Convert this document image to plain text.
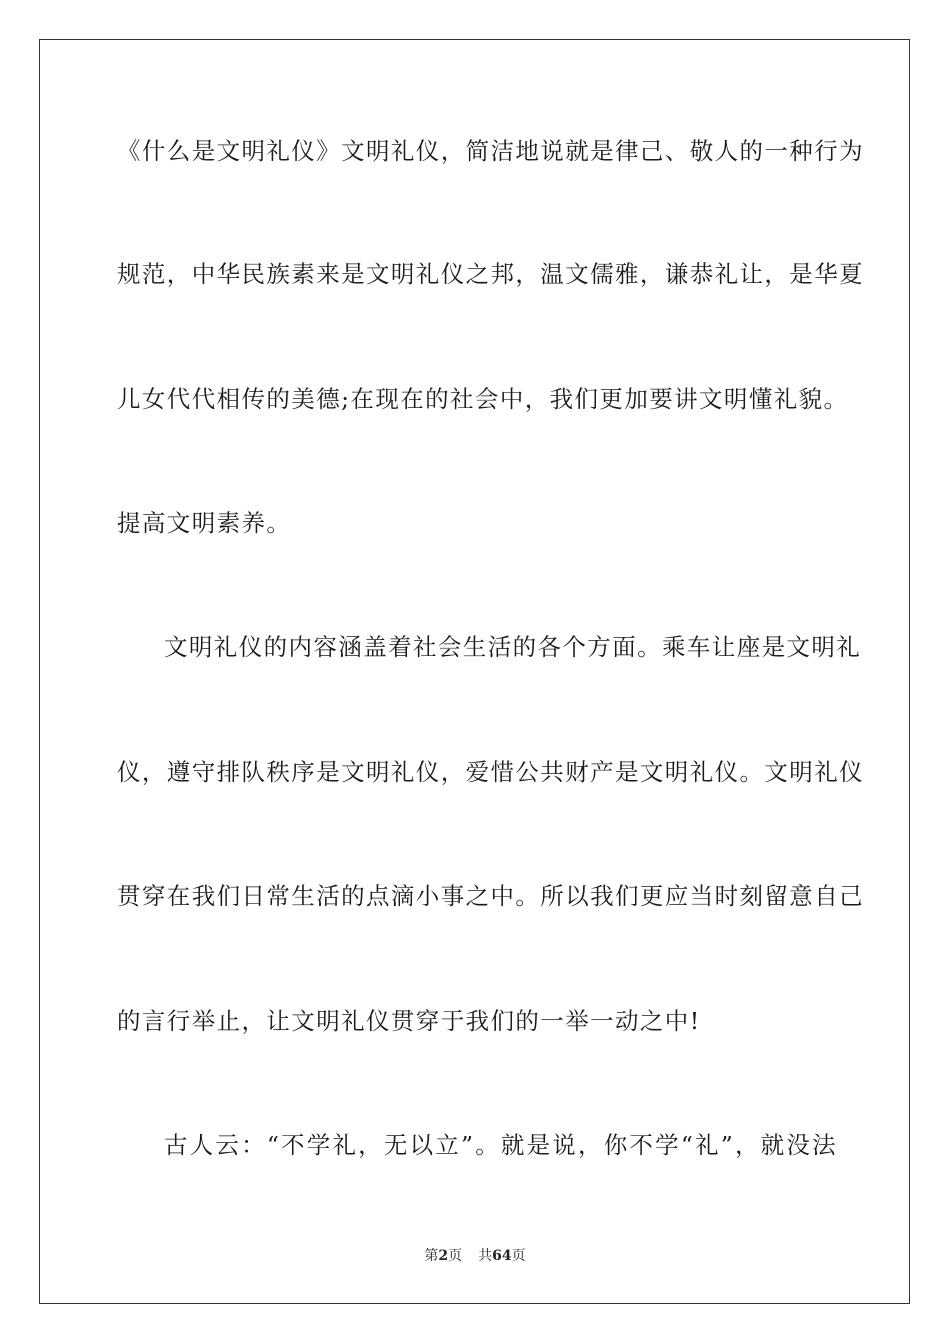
《什么是文明礼仪》文明礼仪，简洁地说就是律己、敬人的一种行为
规范，中华民族素来是文明礼仪之邦，温文儒雅，谦恭礼让，是华夏
儿女代代相传的美德;在现在的社会中，我们更加要讲文明懂礼貌。
提高文明素养。
文明礼仪的内容涵盖着社会生活的各个方面。乘车让座是文明礼
仪，遵守排队秩序是文明礼仪，爱惜公共财产是文明礼仪。文明礼仪
贯穿在我们日常生活的点滴小事之中。所以我们更应当时刻留意自己
的言行举止，让文明礼仪贯穿于我们的一举一动之中!
古人云：“不学礼，无以立”。就是说，你不学“礼”，就没法
第2页 共64页
